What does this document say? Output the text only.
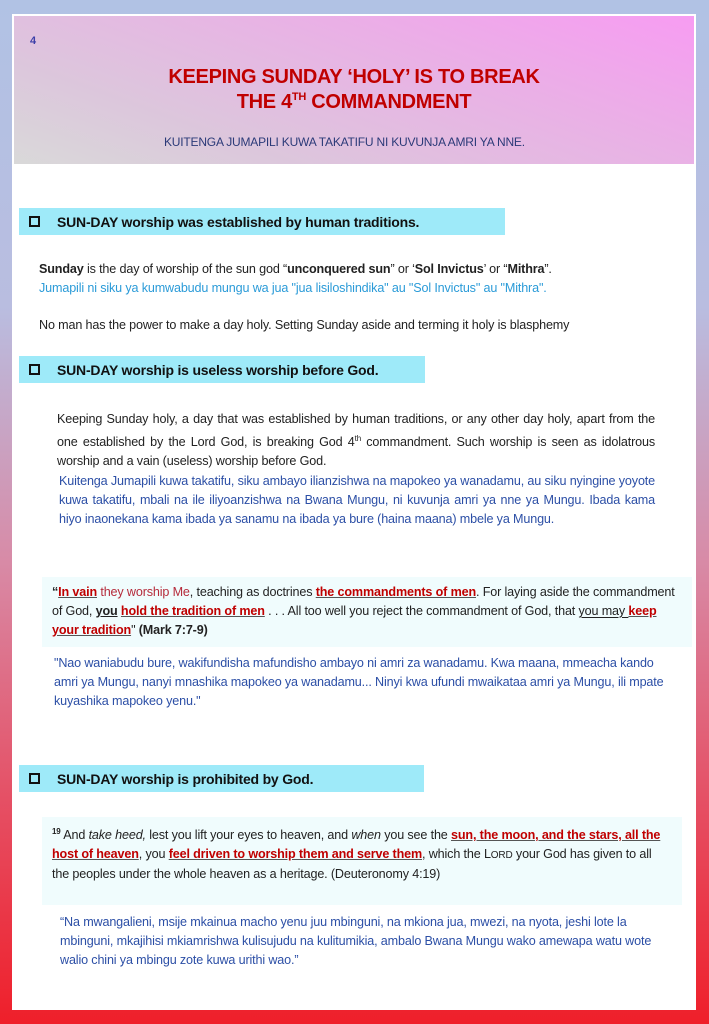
4
KEEPING SUNDAY ‘HOLY’ IS TO BREAK
THE 4TH COMMANDMENT
KUITENGA JUMAPILI KUWA TAKATIFU NI KUVUNJA AMRI YA NNE.
SUN-DAY worship was established by human traditions.
Sunday is the day of worship of the sun god “unconquered sun” or ‘Sol Invictus’ or “Mithra”.
Jumapili ni siku ya kumwabudu mungu wa jua "jua lisiloshindika" au "Sol Invictus" au "Mithra".
No man has the power to make a day holy. Setting Sunday aside and terming it holy is blasphemy
SUN-DAY worship is useless worship before God.
Keeping Sunday holy, a day that was established by human traditions, or any other day holy, apart from the one established by the Lord God, is breaking God 4th commandment. Such worship is seen as idolatrous worship and a vain (useless) worship before God.
Kuitenga Jumapili kuwa takatifu, siku ambayo ilianzishwa na mapokeo ya wanadamu, au siku nyingine yoyote kuwa takatifu, mbali na ile iliyoanzishwa na Bwana Mungu, ni kuvunja amri ya nne ya Mungu. Ibada kama hiyo inaonekana kama ibada ya sanamu na ibada ya bure (haina maana) mbele ya Mungu.
“In vain they worship Me, teaching as doctrines the commandments of men. For laying aside the commandment of God, you hold the tradition of men . . . All too well you reject the commandment of God, that you may keep your tradition" (Mark 7:7-9)
"Nao waniabudu bure, wakifundisha mafundisho ambayo ni amri za wanadamu. Kwa maana, mmeacha kando amri ya Mungu, nanyi mnashika mapokeo ya wanadamu... Ninyi kwa ufundi mwaikataa amri ya Mungu, ili mpate kuyashika mapokeo yenu."
SUN-DAY worship is prohibited by God.
$^{19}$ And take heed, lest you lift your eyes to heaven, and when you see the sun, the moon, and the stars, all the host of heaven, you feel driven to worship them and serve them, which the LORD your God has given to all the peoples under the whole heaven as a heritage. (Deuteronomy 4:19)
“Na mwangalieni, msije mkainua macho yenu juu mbinguni, na mkiona jua, mwezi, na nyota, jeshi lote la mbinguni, mkajihisi mkiamrishwa kulisujudu na kulitumikia, ambalo Bwana Mungu wako amewapa watu wote walio chini ya mbingu zote kuwa urithi wao.”
